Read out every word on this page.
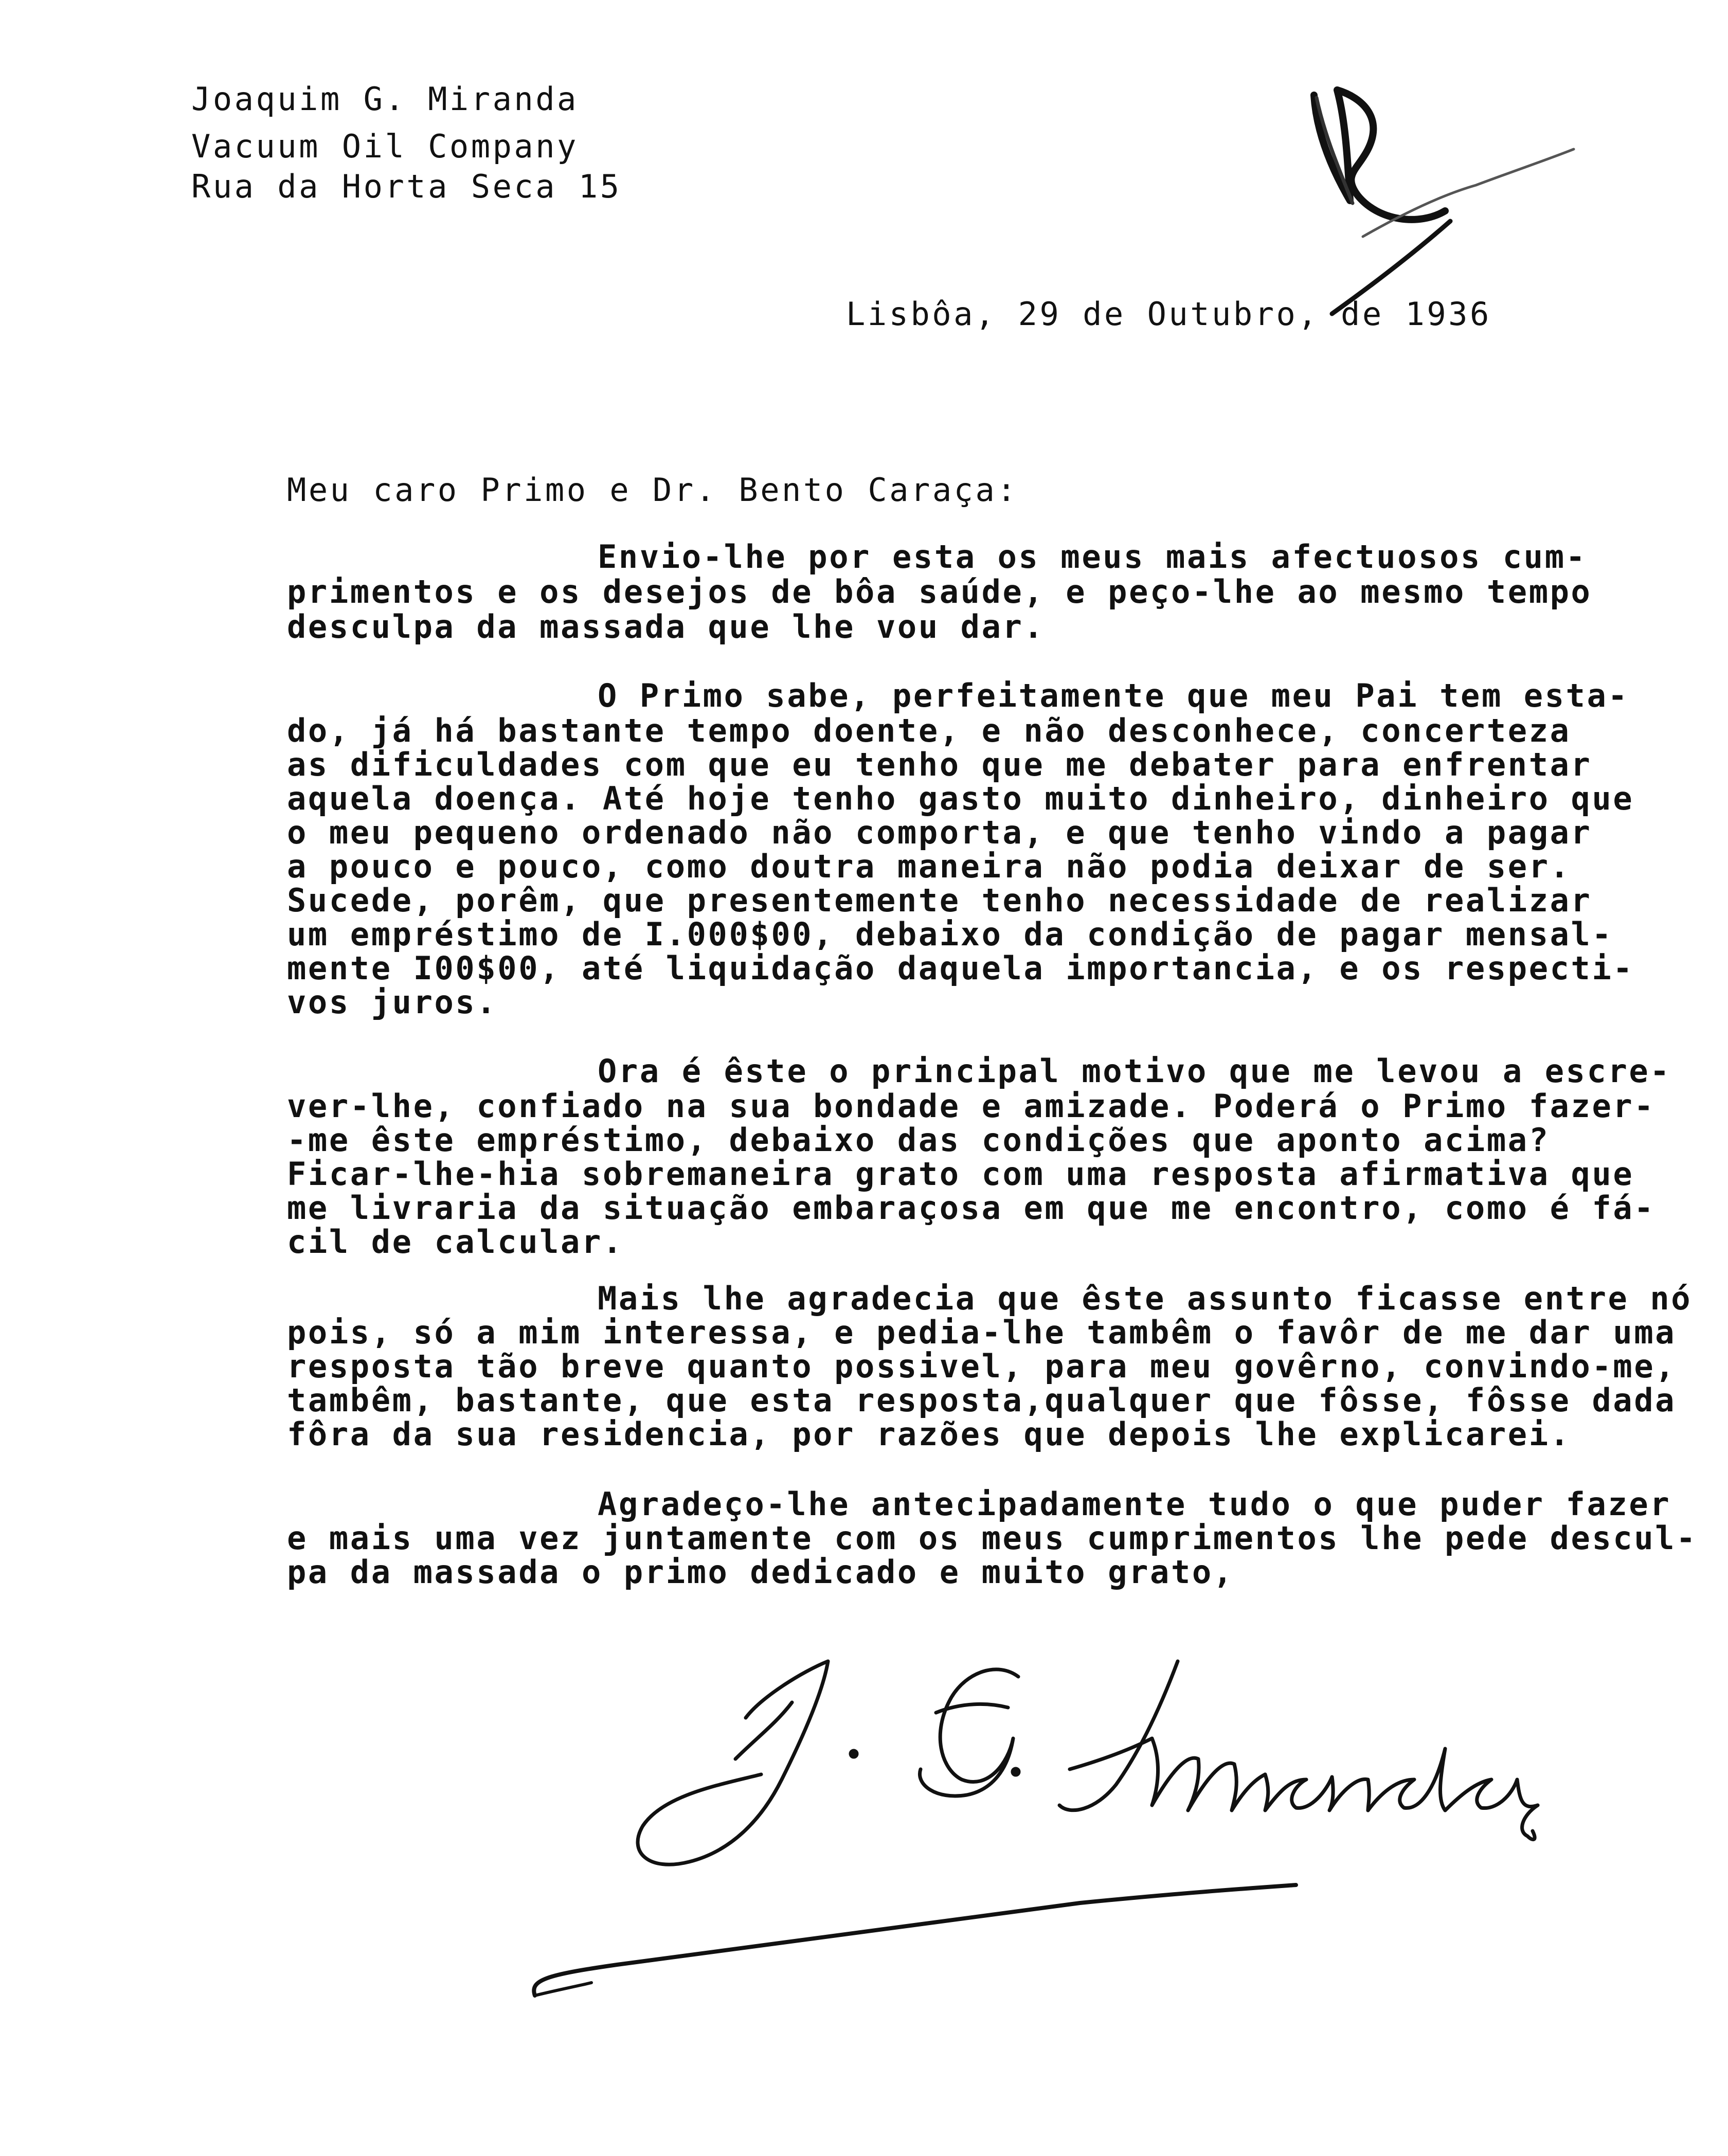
Joaquim G. Miranda
Vacuum Oil Company
Rua da Horta Seca 15
Lisbôa, 29 de Outubro, de 1936
Meu caro Primo e Dr. Bento Caraça:
Envio-lhe por esta os meus mais afectuosos cum-
primentos e os desejos de bôa saúde, e peço-lhe ao mesmo tempo
desculpa da massada que lhe vou dar.
O Primo sabe, perfeitamente que meu Pai tem esta-
do, já há bastante tempo doente, e não desconhece, concerteza
as dificuldades com que eu tenho que me debater para enfrentar
aquela doença. Até hoje tenho gasto muito dinheiro, dinheiro que
o meu pequeno ordenado não comporta, e que tenho vindo a pagar
a pouco e pouco, como doutra maneira não podia deixar de ser.
Sucede, porêm, que presentemente tenho necessidade de realizar
um empréstimo de I.000$00, debaixo da condição de pagar mensal-
mente I00$00, até liquidação daquela importancia, e os respecti-
vos juros.
Ora é êste o principal motivo que me levou a escre-
ver-lhe, confiado na sua bondade e amizade. Poderá o Primo fazer-
-me êste empréstimo, debaixo das condições que aponto acima?
Ficar-lhe-hia sobremaneira grato com uma resposta afirmativa que
me livraria da situação embaraçosa em que me encontro, como é fá-
cil de calcular.
Mais lhe agradecia que êste assunto ficasse entre nó
pois, só a mim interessa, e pedia-lhe tambêm o favôr de me dar uma
resposta tão breve quanto possivel, para meu govêrno, convindo-me,
tambêm, bastante, que esta resposta,qualquer que fôsse, fôsse dada
fôra da sua residencia, por razões que depois lhe explicarei.
Agradeço-lhe antecipadamente tudo o que puder fazer
e mais uma vez juntamente com os meus cumprimentos lhe pede descul-
pa da massada o primo dedicado e muito grato,
